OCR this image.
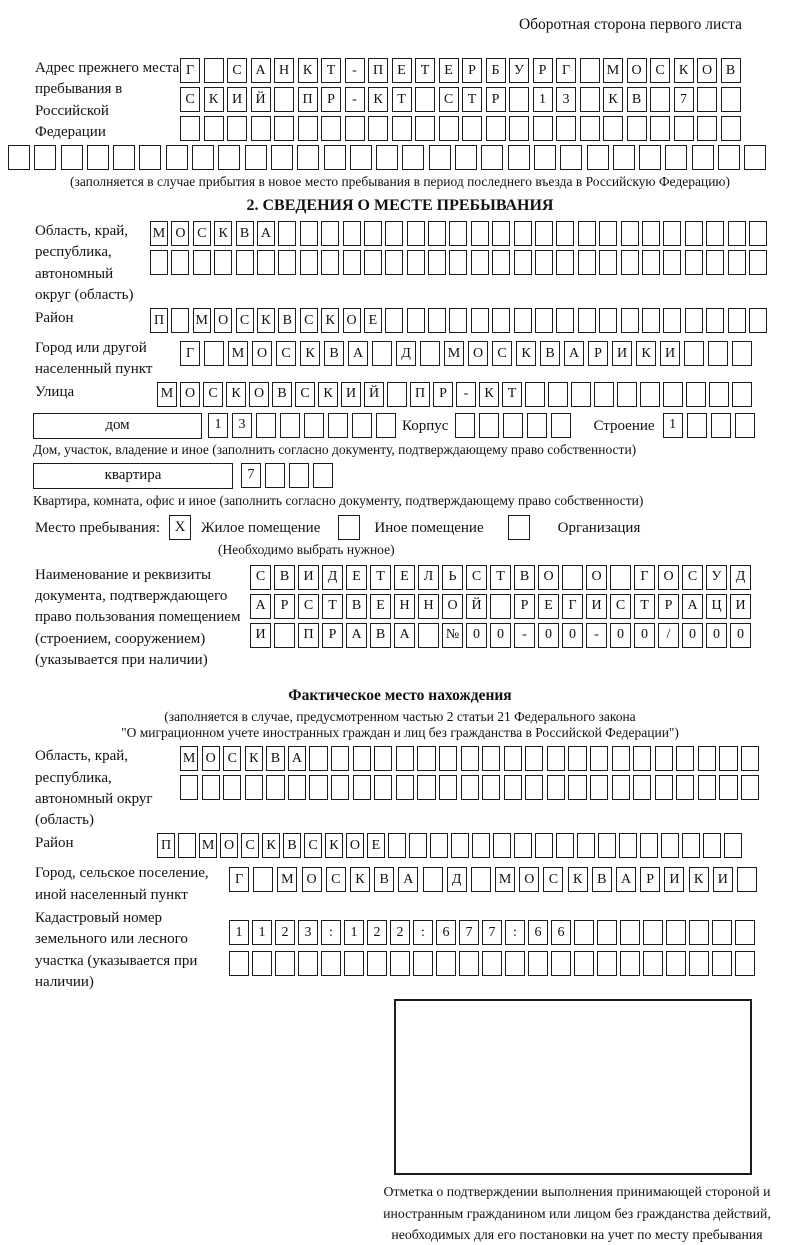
Оборотная сторона первого листа
Адрес прежнего места пребывания в Российской Федерации
Г	С А Н К	Т	-	П	Е	Т	Е	Р	Б	У	Р	Г	М О С	К О В
С	К И Й	П	Р	-	К	Т	С	Т	Р	1	3	К	В	7
(заполняется в случае прибытия в новое место пребывания в период последнего въезда в Российскую Федерацию)
2. СВЕДЕНИЯ О МЕСТЕ ПРЕБЫВАНИЯ
Область, край, республика, автономный округ (область)
М О С К В А
Район	П М О С К В С К О Е
Город или другой населенный пункт
Г	М О	С	К	В	А	Д	М О	С	К	В	А	Р	И	К	И
Улица	М О С К О В С К И Й	П	Р	-	К	Т
дом	1	3	Корпус	Строение	1
Дом, участок, владение и иное (заполнить согласно документу, подтверждающему право собственности)
квартира	7
Квартира, комната, офис и иное (заполнить согласно документу, подтверждающему право собственности)
Место пребывания: X	Жилое помещение	Иное помещение	Организация
(Необходимо выбрать нужное)
Наименование и реквизиты документа, подтверждающего право пользования помещением (строением, сооружением) (указывается при наличии)
С	В	И	Д	Е	Т	Е	Л	Ь	С	Т	В	О	О	Г	О	С	У	Д
А	Р	С	Т	В	Е	Н Н О Й	Р	Е	Г	И	С	Т	Р	А Ц И
И	П	Р	А	В	А	№ 0	0	-	0	0	-	0	0	/	0	0	0
Фактическое место нахождения
(заполняется в случае, предусмотренном частью 2 статьи 21 Федерального закона
"О миграционном учете иностранных граждан и лиц без гражданства в Российской Федерации")
Область, край, республика, автономный округ (область)
М О С К В А
Район	П М О С К В С К О Е
Город, сельское поселение, иной населенный пункт
Г	М О	С	К	В	А	Д	М О	С	К	В	А	Р	И	К	И
Кадастровый номер земельного или лесного участка (указывается при наличии)
1	1	2	3	:	1	2	2	:	6	7	7	:	6	6
Отметка о подтверждении выполнения принимающей стороной и иностранным гражданином или лицом без гражданства действий, необходимых для его постановки на учет по месту пребывания
